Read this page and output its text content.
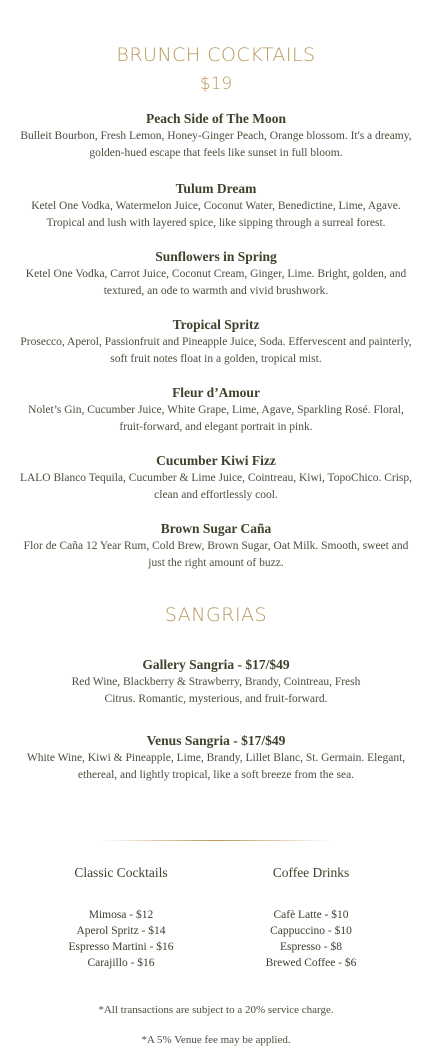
BRUNCH COCKTAILS
$19
Peach Side of The Moon
Bulleit Bourbon, Fresh Lemon, Honey-Ginger Peach, Orange blossom. It's a dreamy, golden-hued escape that feels like sunset in full bloom.
Tulum Dream
Ketel One Vodka, Watermelon Juice, Coconut Water, Benedictine, Lime, Agave. Tropical and lush with layered spice, like sipping through a surreal forest.
Sunflowers in Spring
Ketel One Vodka, Carrot Juice, Coconut Cream, Ginger, Lime. Bright, golden, and textured, an ode to warmth and vivid brushwork.
Tropical Spritz
Prosecco, Aperol, Passionfruit and Pineapple Juice, Soda. Effervescent and painterly, soft fruit notes float in a golden, tropical mist.
Fleur d’Amour
Nolet’s Gin, Cucumber Juice, White Grape, Lime, Agave, Sparkling Rosé. Floral, fruit-forward, and elegant portrait in pink.
Cucumber Kiwi Fizz
LALO Blanco Tequila, Cucumber & Lime Juice, Cointreau, Kiwi, TopoChico. Crisp, clean and effortlessly cool.
Brown Sugar Caña
Flor de Caña 12 Year Rum, Cold Brew, Brown Sugar, Oat Milk. Smooth, sweet and just the right amount of buzz.
SANGRIAS
Gallery Sangria - $17/$49
Red Wine, Blackberry & Strawberry, Brandy, Cointreau, Fresh Citrus. Romantic, mysterious, and fruit-forward.
Venus Sangria - $17/$49
White Wine, Kiwi & Pineapple, Lime, Brandy, Lillet Blanc, St. Germain. Elegant, ethereal, and lightly tropical, like a soft breeze from the sea.
Classic Cocktails
Mimosa - $12
Aperol Spritz - $14
Espresso Martini - $16
Carajillo - $16
Coffee Drinks
Cafè Latte - $10
Cappuccino - $10
Espresso - $8
Brewed Coffee - $6
*All transactions are subject to a 20% service charge.
*A 5% Venue fee may be applied.
